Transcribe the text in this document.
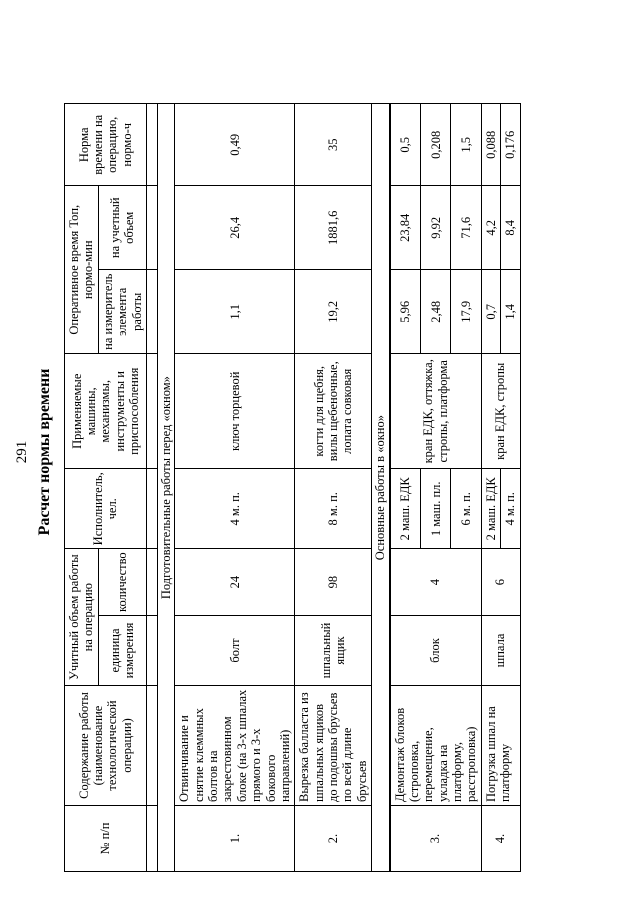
291 Расчет нормы времени
№ п/п	Содержание работы (наименование технологической операции)	Учитный объем работы на операцию		Исполнитель, чел.	Применяемые машины, механизмы, инструменты и приспособления	Оперативное время Топ, нормо-мин		Норма времени на операцию, нормо-ч
		единица измерения	количество			на измеритель элемента работы	на учетный объем	

Подготовительные работы перед «окном»								
1.	Отвинчивание и снятие клеммных болтов на закрестовинном блоке (на 3-х шпалах прямого и 3-х бокового направлений)	болт	24	4 м. п.	ключ торцевой	1,1	26,4	0,49
2.	Вырезка балласта из шпальных ящиков до подошвы брусьев по всей длине брусьев	шпальный ящик	98	8 м. п.	когти для щебня, вилы щебеночные, лопата совковая	19,2	1881,6	35
Основные работы в «окно»								
3.	Демонтаж блоков (строповка, перемещение, укладка на платформу, расстроповка)	блок	4	2 маш. ЕДК	кран ЕДК, оттяжка, стропы, платформа	5,96	23,84	0,5
				1 маш. пл.		2,48	9,92	0,208
				6 м. п.		17,9	71,6	1,5
4.	Погрузка шпал на платформу	шпала	6	2 маш. ЕДК	кран ЕДК, стропы	0,7	4,2	0,088
				4 м. п.		1,4	8,4	0,176
